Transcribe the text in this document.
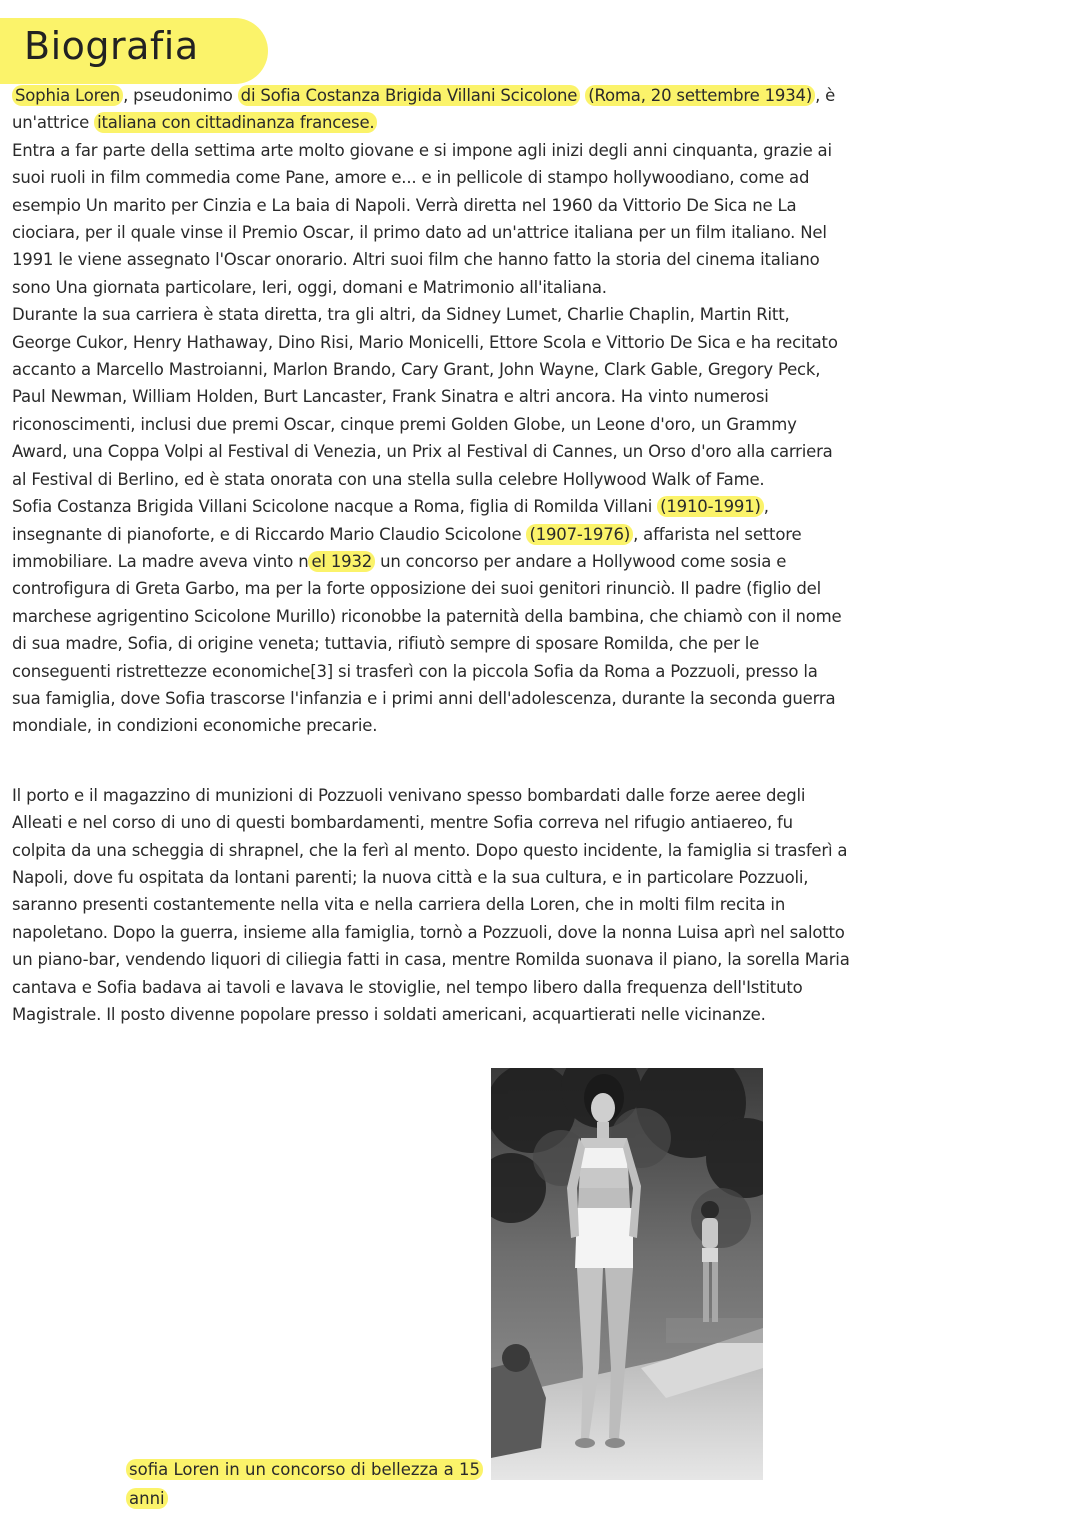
Biografia

Sophia Loren , pseudonimo di Sofia Costanza Brigida Villani Scicolone (Roma, 20 settembre 1934) , è un'attrice italiana con cittadinanza francese.

Entra a far parte della settima arte molto giovane e si impone agli inizi degli anni cinquanta, grazie ai suoi ruoli in film commedia come Pane, amore e... e in pellicole di stampo hollywoodiano, come ad esempio Un marito per Cinzia e La baia di Napoli. Verrà diretta nel 1960 da Vittorio De Sica ne La ciociara, per il quale vinse il Premio Oscar, il primo dato ad un'attrice italiana per un film italiano. Nel 1991 le viene assegnato l'Oscar onorario. Altri suoi film che hanno fatto la storia del cinema italiano sono Una giornata particolare, Ieri, oggi, domani e Matrimonio all'italiana.

Durante la sua carriera è stata diretta, tra gli altri, da Sidney Lumet, Charlie Chaplin, Martin Ritt, George Cukor, Henry Hathaway, Dino Risi, Mario Monicelli, Ettore Scola e Vittorio De Sica e ha recitato accanto a Marcello Mastroianni, Marlon Brando, Cary Grant, John Wayne, Clark Gable, Gregory Peck, Paul Newman, William Holden, Burt Lancaster, Frank Sinatra e altri ancora. Ha vinto numerosi riconoscimenti, inclusi due premi Oscar, cinque premi Golden Globe, un Leone d'oro, un Grammy Award, una Coppa Volpi al Festival di Venezia, un Prix al Festival di Cannes, un Orso d'oro alla carriera al Festival di Berlino, ed è stata onorata con una stella sulla celebre Hollywood Walk of Fame.

Sofia Costanza Brigida Villani Scicolone nacque a Roma, figlia di Romilda Villani (1910-1991) , insegnante di pianoforte, e di Riccardo Mario Claudio Scicolone (1907-1976) , affarista nel settore immobiliare. La madre aveva vinto n el 1932 un concorso per andare a Hollywood come sosia e controfigura di Greta Garbo, ma per la forte opposizione dei suoi genitori rinunciò. Il padre (figlio del marchese agrigentino Scicolone Murillo) riconobbe la paternità della bambina, che chiamò con il nome di sua madre, Sofia, di origine veneta; tuttavia, rifiutò sempre di sposare Romilda, che per le conseguenti ristrettezze economiche[3] si trasferì con la piccola Sofia da Roma a Pozzuoli, presso la sua famiglia, dove Sofia trascorse l'infanzia e i primi anni dell'adolescenza, durante la seconda guerra mondiale, in condizioni economiche precarie.

Il porto e il magazzino di munizioni di Pozzuoli venivano spesso bombardati dalle forze aeree degli Alleati e nel corso di uno di questi bombardamenti, mentre Sofia correva nel rifugio antiaereo, fu colpita da una scheggia di shrapnel, che la ferì al mento. Dopo questo incidente, la famiglia si trasferì a Napoli, dove fu ospitata da lontani parenti; la nuova città e la sua cultura, e in particolare Pozzuoli, saranno presenti costantemente nella vita e nella carriera della Loren, che in molti film recita in napoletano. Dopo la guerra, insieme alla famiglia, tornò a Pozzuoli, dove la nonna Luisa aprì nel salotto un piano-bar, vendendo liquori di ciliegia fatti in casa, mentre Romilda suonava il piano, la sorella Maria cantava e Sofia badava ai tavoli e lavava le stoviglie, nel tempo libero dalla frequenza dell'Istituto Magistrale. Il posto divenne popolare presso i soldati americani, acquartierati nelle vicinanze.

sofia Loren in un concorso di bellezza a 15

anni
